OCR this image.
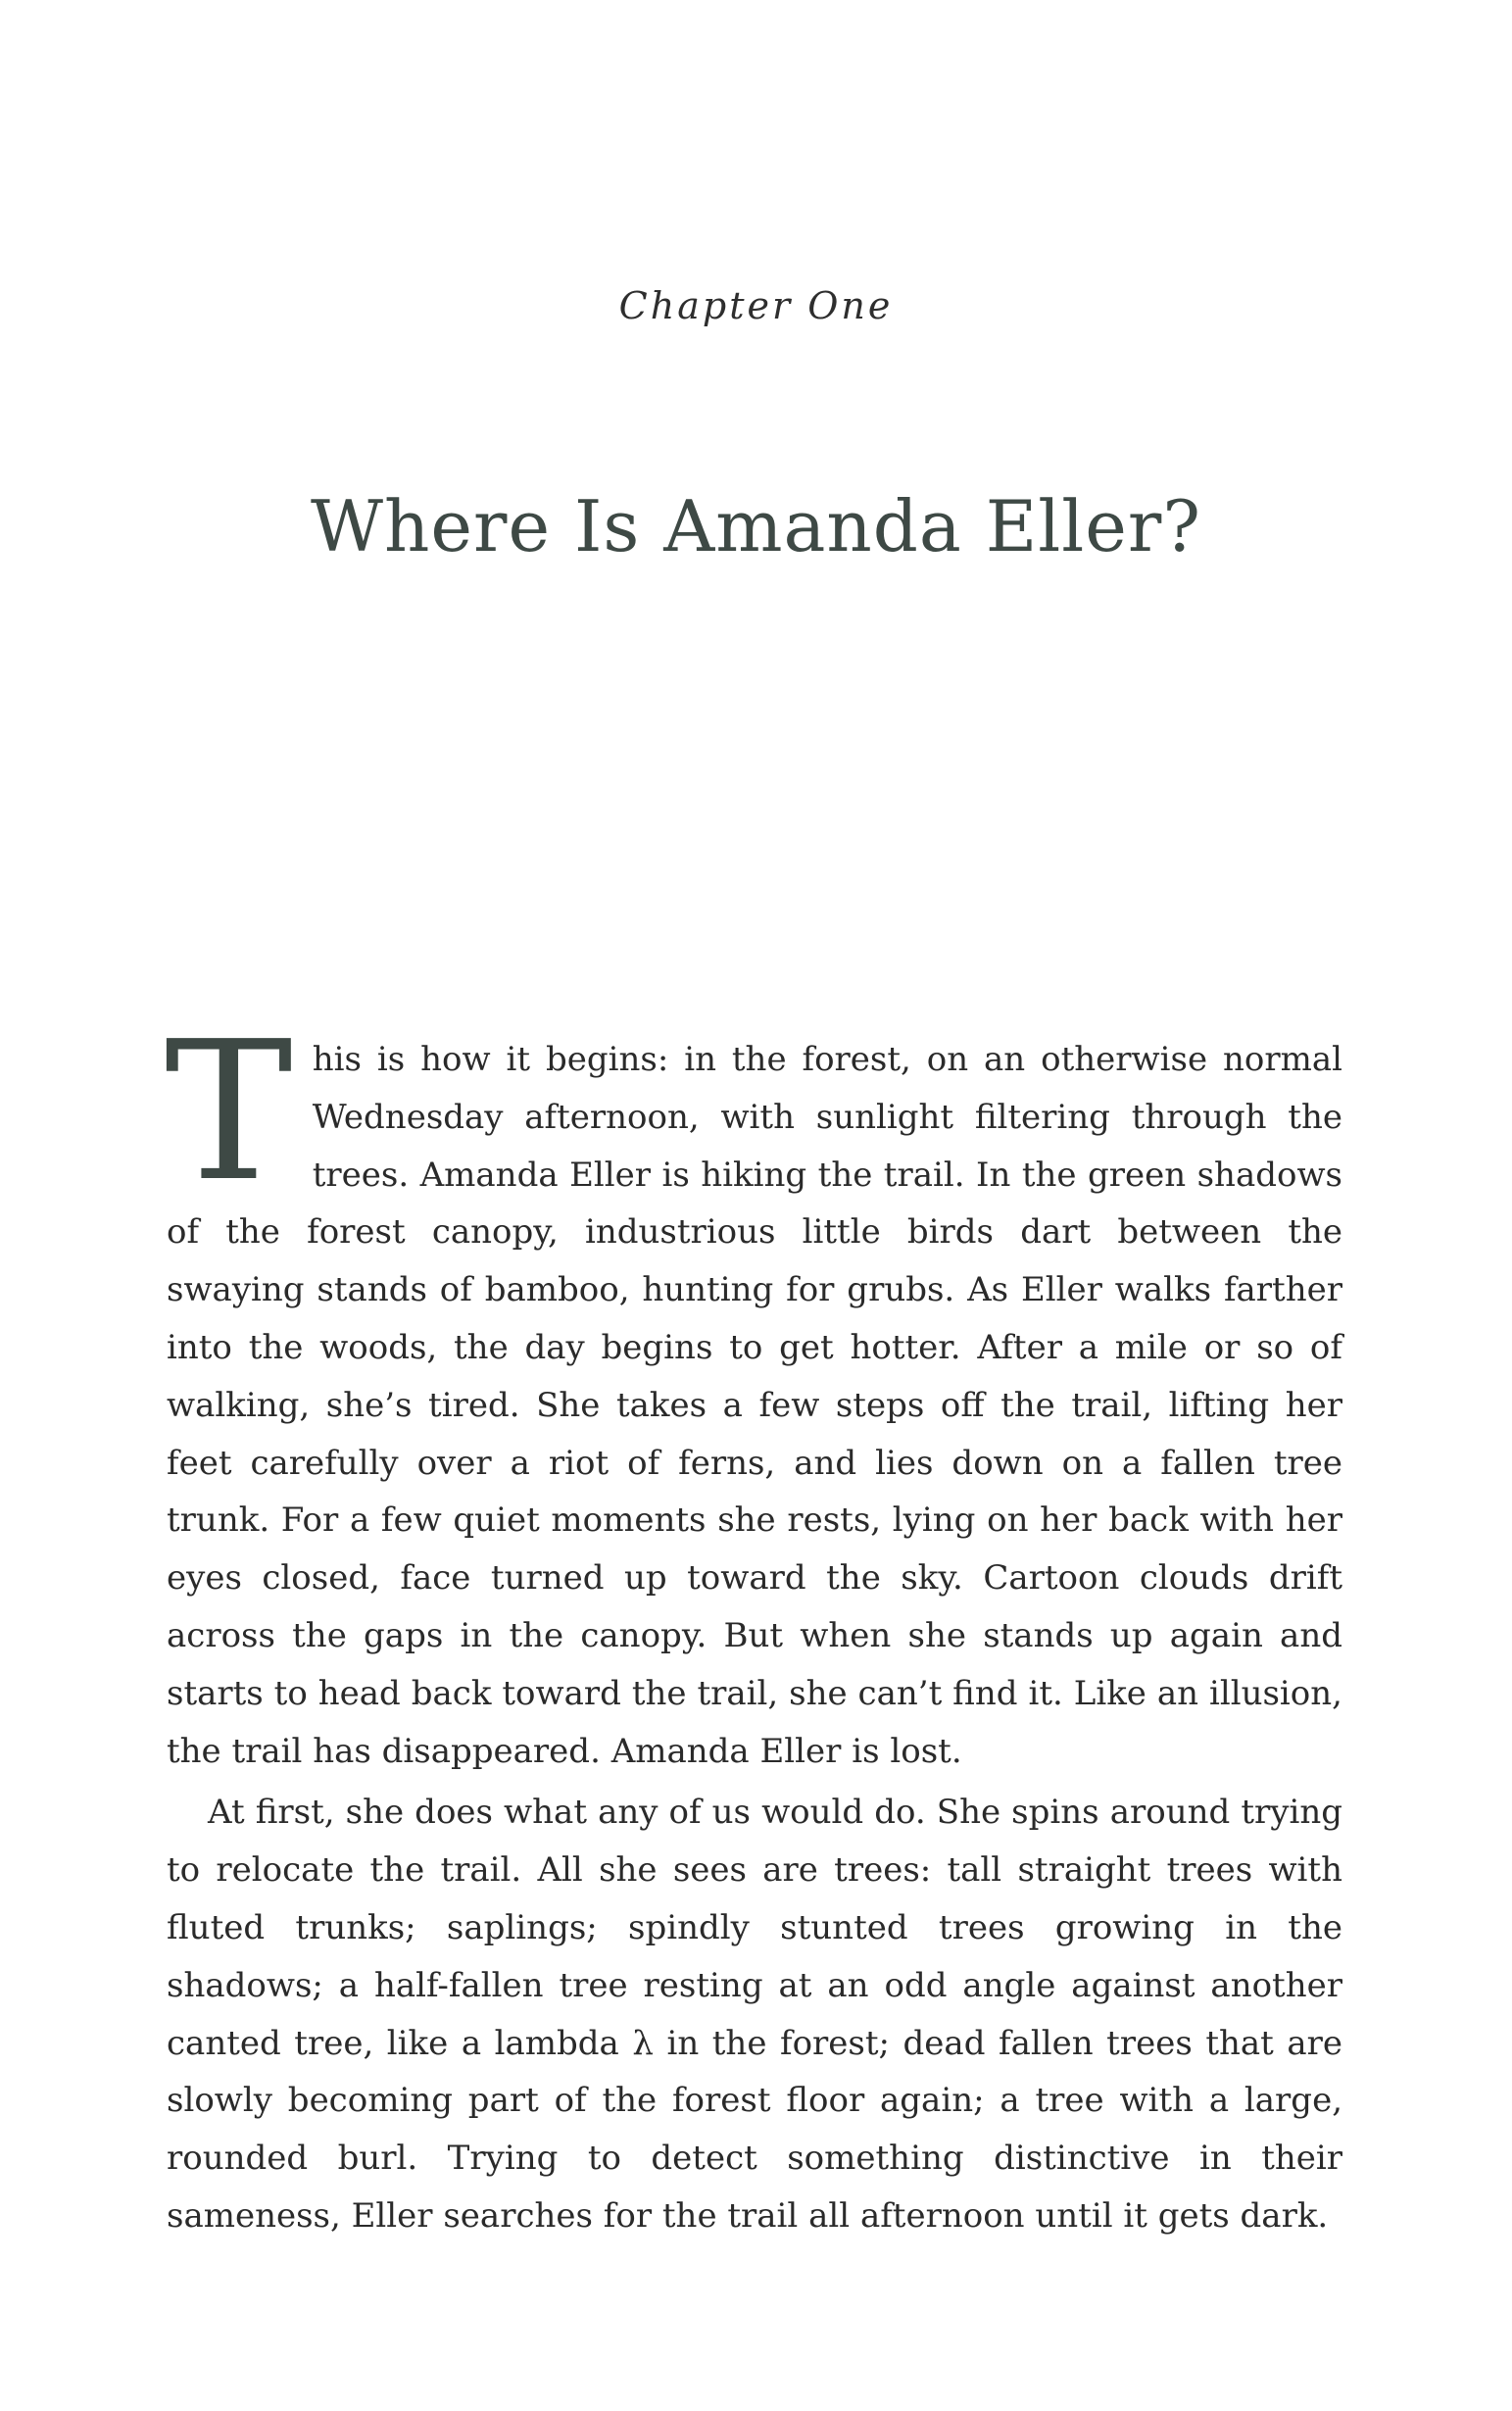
Chapter One
Where Is Amanda Eller?

This is how it begins: in the forest, on an otherwise normal Wednesday afternoon, with sunlight filtering through the trees. Amanda Eller is hiking the trail. In the green shadows of the forest canopy, industrious little birds dart between the swaying stands of bamboo, hunting for grubs. As Eller walks farther into the woods, the day begins to get hotter. After a mile or so of walking, she’s tired. She takes a few steps off the trail, lifting her feet carefully over a riot of ferns, and lies down on a fallen tree trunk. For a few quiet moments she rests, lying on her back with her eyes closed, face turned up toward the sky. Cartoon clouds drift across the gaps in the canopy. But when she stands up again and starts to head back toward the trail, she can’t find it. Like an illusion, the trail has disappeared. Amanda Eller is lost.

At first, she does what any of us would do. She spins around trying to relocate the trail. All she sees are trees: tall straight trees with fluted trunks; saplings; spindly stunted trees growing in the shadows; a half-fallen tree resting at an odd angle against another canted tree, like a lambda λ in the forest; dead fallen trees that are slowly becoming part of the forest floor again; a tree with a large, rounded burl. Trying to detect something distinctive in their sameness, Eller searches for the trail all afternoon until it gets dark.
